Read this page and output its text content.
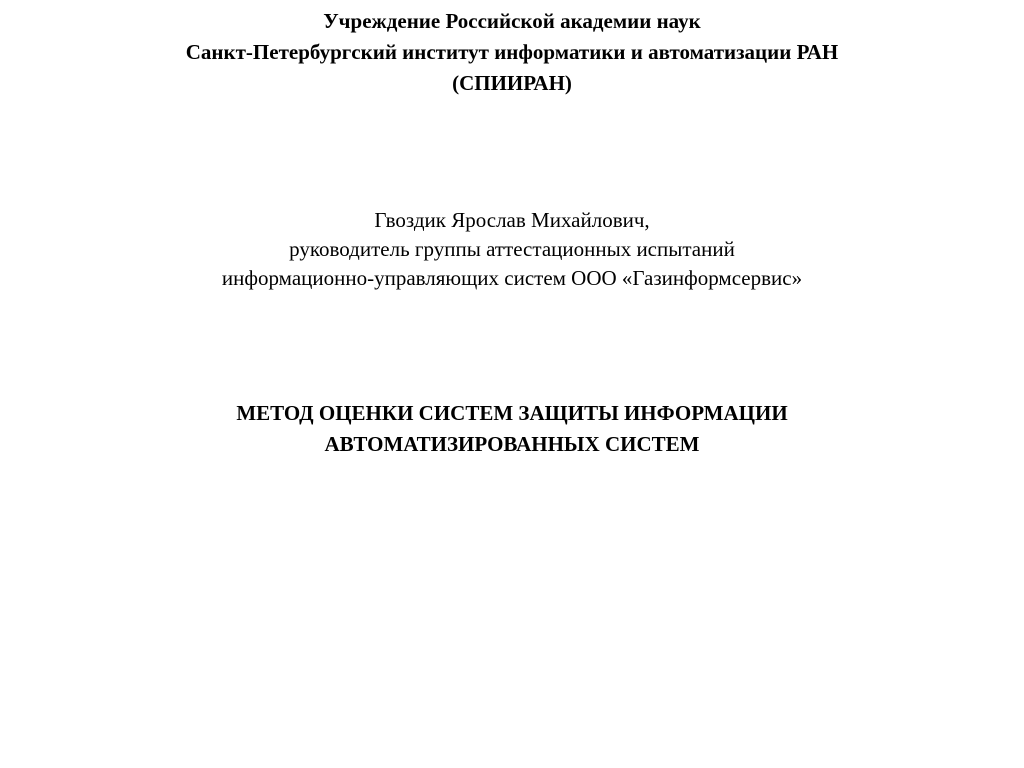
Учреждение Российской академии наук
Санкт-Петербургский институт информатики и автоматизации РАН
(СПИИРАН)
Гвоздик Ярослав Михайлович,
руководитель группы аттестационных испытаний
информационно-управляющих систем ООО «Газинформсервис»
МЕТОД ОЦЕНКИ СИСТЕМ ЗАЩИТЫ ИНФОРМАЦИИ
АВТОМАТИЗИРОВАННЫХ СИСТЕМ
